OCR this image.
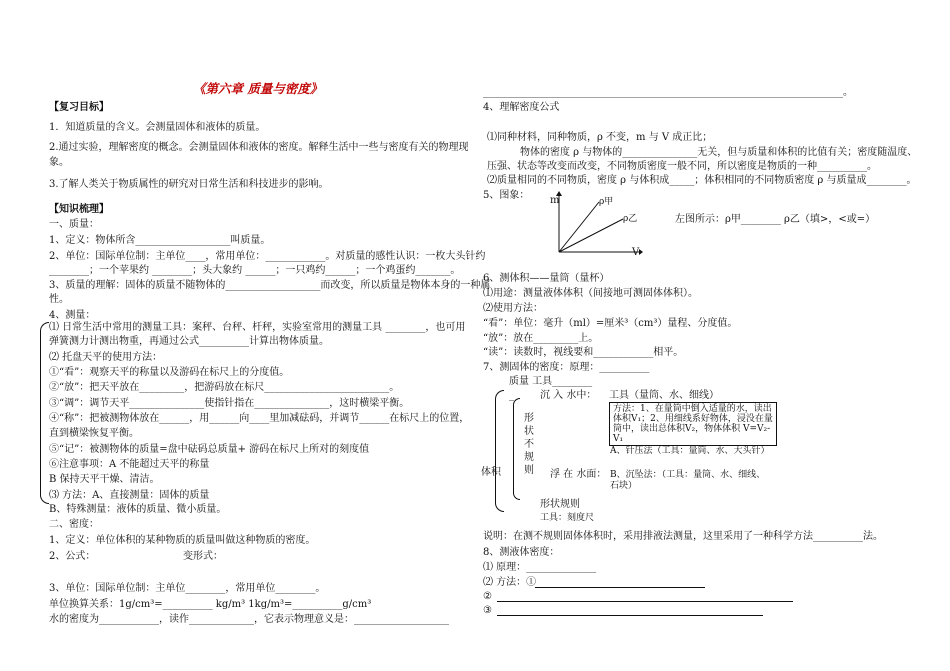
《第六章 质量与密度》
【复习目标】
1．知道质量的含义。会测量固体和液体的质量。
2.通过实验，理解密度的概念。会测量固体和液体的密度。解释生活中一些与密度有关的物理现
象。
3.了解人类关于物质属性的研究对日常生活和科技进步的影响。
【知识梳理】
一、质量：
1、定义：物体所含___________________叫质量。
2、单位：国际单位制：主单位____，常用单位：____________。对质量的感性认识：一枚大头针约
________；一个苹果约 ________；头大象约 ______；一只鸡约______；一个鸡蛋约_______。
3、质量的理解：固体的质量不随物体的___________________而改变，所以质量是物体本身的一种属
性。
4、测量：
⑴ 日常生活中常用的测量工具：案秤、台秤、杆秤，实验室常用的测量工具 ________，也可用
弹簧测力计测出物重，再通过公式__________计算出物体质量。
⑵ 托盘天平的使用方法：
①“看”：观察天平的称量以及游码在标尺上的分度值。
②“放”：把天平放在_________，把游码放在标尺_________________________。
③“调”：调节天平_______________使指针指在_______________，这时横梁平衡。
④“称”：把被测物体放在______，用______向____里加减砝码，并调节______在标尺上的位置，
直到横梁恢复平衡。
⑤“记”：被测物体的质量=盘中砝码总质量+ 游码在标尺上所对的刻度值
⑥注意事项：A 不能超过天平的称量
B 保持天平干燥、清洁。
⑶ 方法：A、直接测量：固体的质量
B、特殊测量：液体的质量、微小质量。
二、密度：
1、定义：单位体积的某种物质的质量叫做这种物质的密度。
2、公式：	变形式：
3、单位：国际单位制：主单位________，常用单位________。
单位换算关系：1g/cm³=__________ kg/m³ 1kg/m³=__________g/cm³
水的密度为____________，读作_____________，它表示物理意义是：___________________
________________________________________________________________________。
4、理解密度公式
⑴同种材料，同种物质，ρ 不变，m 与 V 成正比；
物体的密度 ρ 与物体的_______________无关，但与质量和体积的比值有关；密度随温度、
压强、状态等改变而改变，不同物质密度一般不同，所以密度是物质的一种__________。
⑵质量相同的不同物质，密度 ρ 与体积成_____；体积相同的不同物质密度 ρ 与质量成________。
5、图象： m
V
ρ甲
ρ乙	左图所示：ρ甲________ ρ乙（填>，<或=）
6、测体积——量筒（量杯）
⑴用途：测量液体体积（间接地可测固体体积）。
⑵使用方法：
“看”：单位：毫升（ml）=厘米³（cm³）量程、分度值。
“放”：放在_________上。
“读”：读数时，视线要和____________相平。
7、测固体的密度：原理：__________
质量 工具________
_
体积
形状不规则
沉 入 水中：	工具（量筒、水、细线）
方法：1、在量筒中倒入适量的水，读出体积V₁；2、用细线系好物体，浸没在量筒中，读出总体积V₂，物体体积 V=V₂-V₁
A、针压法（工具：量筒、水、大头针）
浮 在 水面： B、沉坠法：（工具：量筒、水、细线、石块）
形状规则
工具：刻度尺
说明：在测不规则固体体积时，采用排液法测量，这里采用了一种科学方法__________法。
8、测液体密度：
⑴ 原理：______________
⑵ 方法：①
②
③
